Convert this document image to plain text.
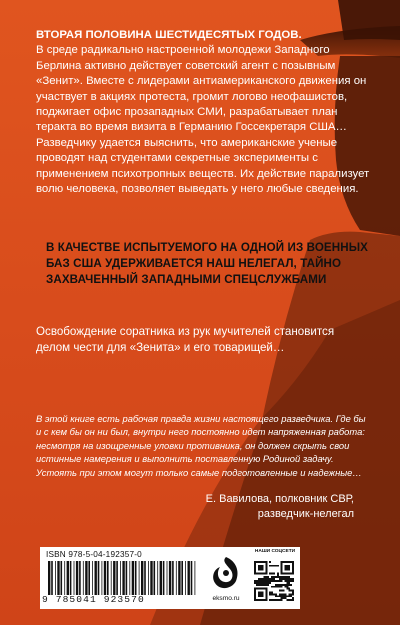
ВТОРАЯ ПОЛОВИНА ШЕСТИДЕСЯТЫХ ГОДОВ.
В среде радикально настроенной молодежи Западного Берлина активно действует советский агент с позывным «Зенит». Вместе с лидерами антиамериканского движения он участвует в акциях протеста, громит логово неофашистов, поджигает офис прозападных СМИ, разрабатывает план теракта во время визита в Германию Госсекретаря США… Разведчику удается выяснить, что американские ученые проводят над студентами секретные эксперименты с применением психотропных веществ. Их действие парализует волю человека, позволяет выведать у него любые сведения.

В КАЧЕСТВЕ ИСПЫТУЕМОГО НА ОДНОЙ ИЗ ВОЕННЫХ БАЗ США УДЕРЖИВАЕТСЯ НАШ НЕЛЕГАЛ, ТАЙНО ЗАХВАЧЕННЫЙ ЗАПАДНЫМИ СПЕЦСЛУЖБАМИ

Освобождение соратника из рук мучителей становится делом чести для «Зенита» и его товарищей…

В этой книге есть рабочая правда жизни настоящего разведчика. Где бы и с кем бы он ни был, внутри него постоянно идет напряженная работа: несмотря на изощренные уловки противника, он должен скрыть свои истинные намерения и выполнить поставленную Родиной задачу. Устоять при этом могут только самые подготовленные и надежные…

Е. Вавилова, полковник СВР,
разведчик-нелегал
ISBN 978-5-04-192357-0
9 785041 923570	eksmo.ru
НАШИ СОЦСЕТИ
